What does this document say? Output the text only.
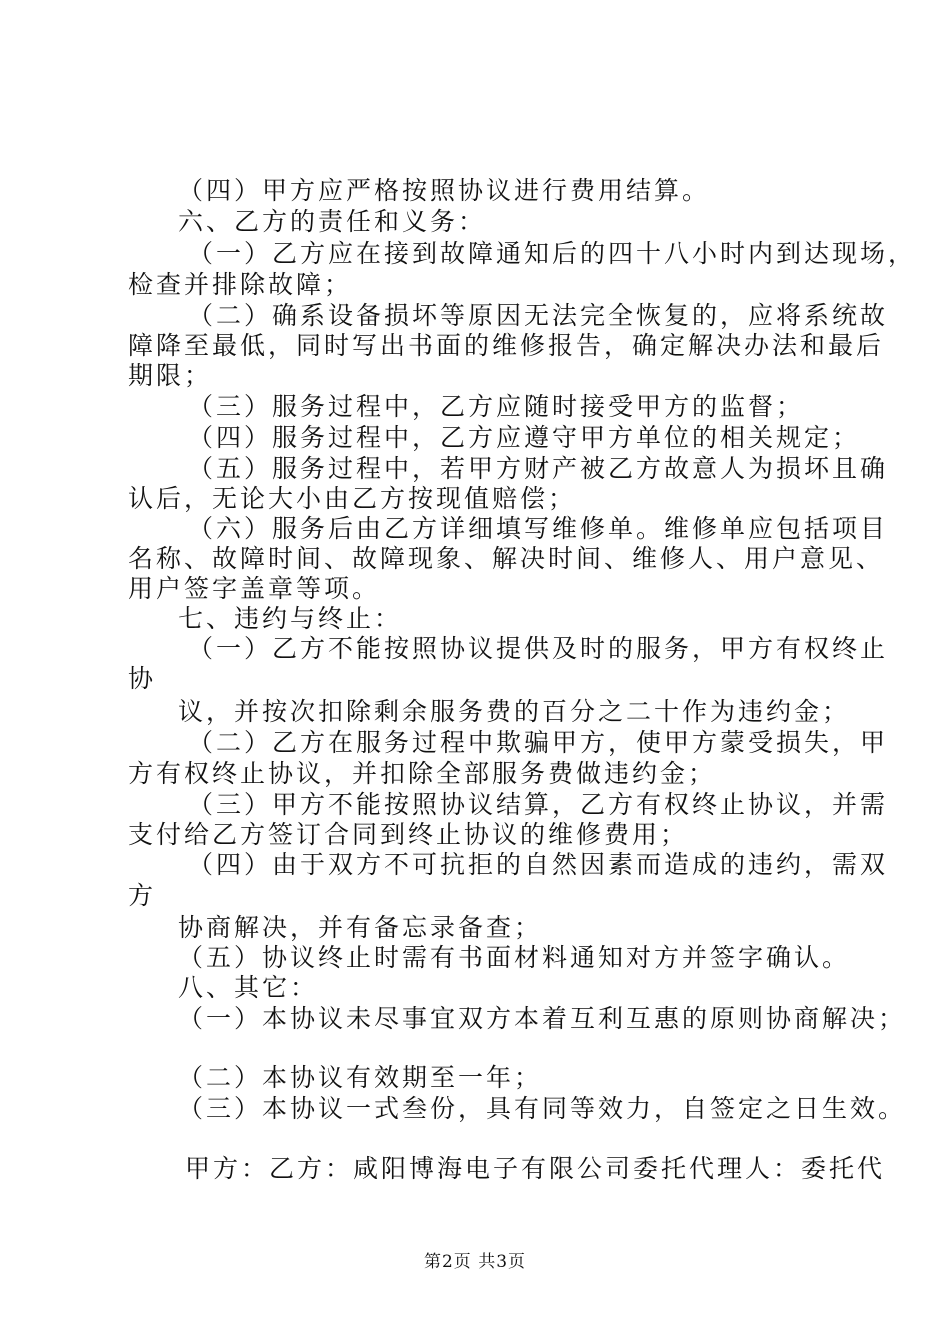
（四）甲方应严格按照协议进行费用结算。
六、乙方的责任和义务：
（一）乙方应在接到故障通知后的四十八小时内到达现场，
检查并排除故障；
（二）确系设备损坏等原因无法完全恢复的，应将系统故
障降至最低，同时写出书面的维修报告，确定解决办法和最后
期限；
（三）服务过程中，乙方应随时接受甲方的监督；
（四）服务过程中，乙方应遵守甲方单位的相关规定；
（五）服务过程中，若甲方财产被乙方故意人为损坏且确
认后，无论大小由乙方按现值赔偿；
（六）服务后由乙方详细填写维修单。维修单应包括项目
名称、故障时间、故障现象、解决时间、维修人、用户意见、
用户签字盖章等项。
七、违约与终止：
（一）乙方不能按照协议提供及时的服务，甲方有权终止
协
议，并按次扣除剩余服务费的百分之二十作为违约金；
（二）乙方在服务过程中欺骗甲方，使甲方蒙受损失，甲
方有权终止协议，并扣除全部服务费做违约金；
（三）甲方不能按照协议结算，乙方有权终止协议，并需
支付给乙方签订合同到终止协议的维修费用；
（四）由于双方不可抗拒的自然因素而造成的违约，需双
方
协商解决，并有备忘录备查；
（五）协议终止时需有书面材料通知对方并签字确认。
八、其它：
（一）本协议未尽事宜双方本着互利互惠的原则协商解决；
（二）本协议有效期至一年；
（三）本协议一式叁份，具有同等效力，自签定之日生效。
甲方：乙方：咸阳博海电子有限公司委托代理人：委托代
第2页 共3页
